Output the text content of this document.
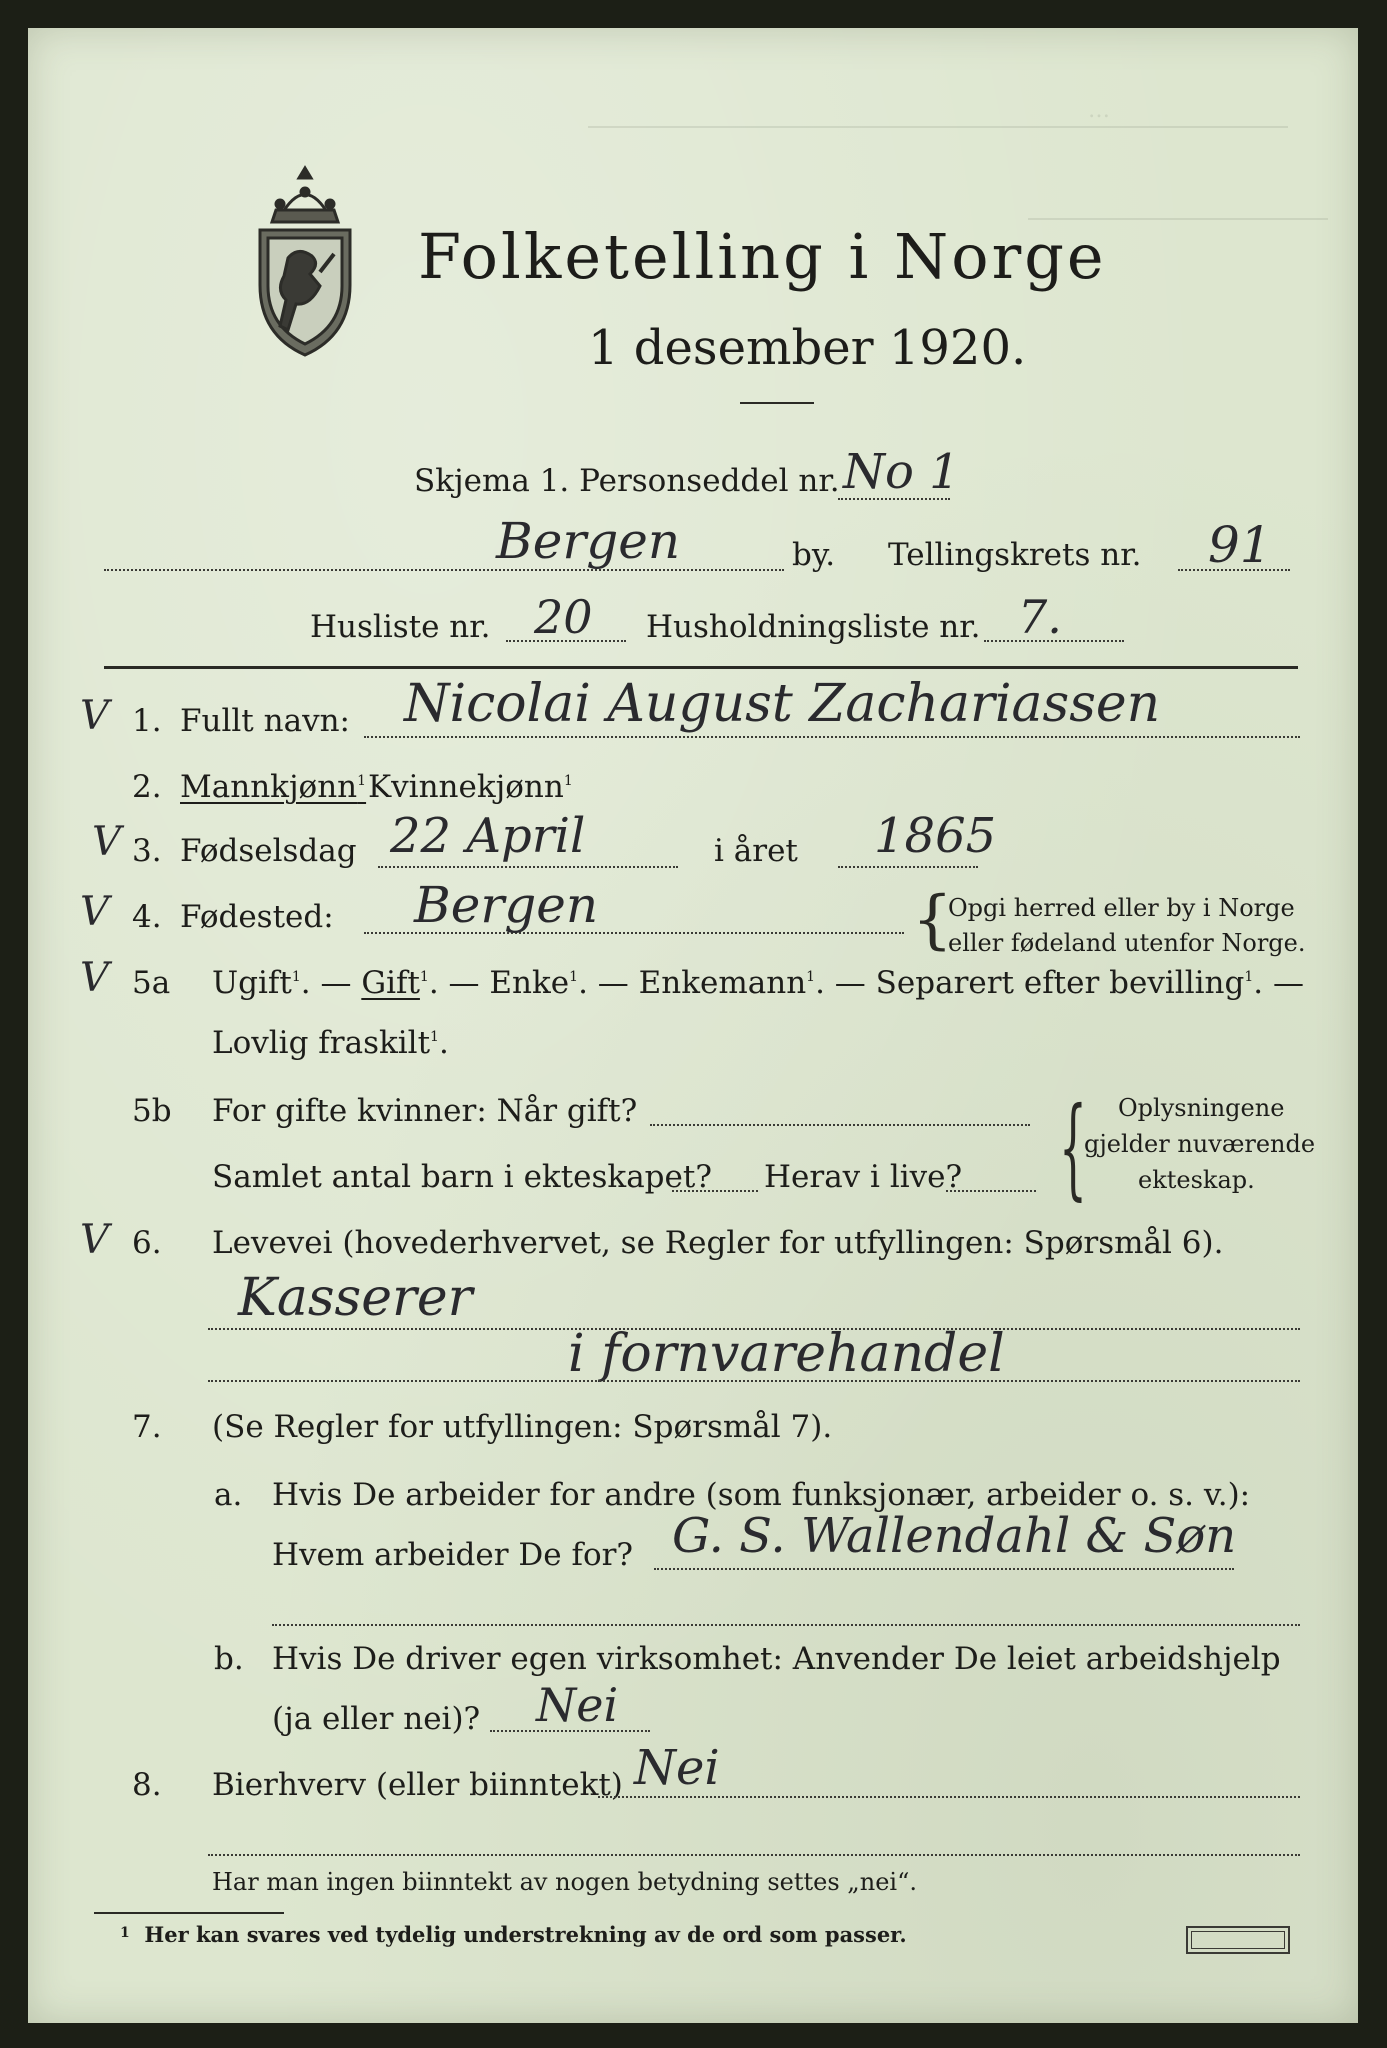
…
Folketelling i Norge
1 desember 1920.
Skjema 1. Personseddel nr. No 1
Bergen	by. Tellingskrets nr. 91
Husliste nr. 20 Husholdningsliste nr. 7.
V 1. Fullt navn: Nicolai August Zachariassen
2. Mannkjønn$^1$ Kvinnekjønn$^1$
V 3. Fødselsdag 22 April	i året 1865
V 4. Fødested: Bergen	{
Opgi herred eller by i Norge
eller fødeland utenfor Norge.
V 5a Ugift$^1$. — Gift$^1$. — Enke$^1$. — Enkemann$^1$. — Separert efter bevilling$^1$. —
Lovlig fraskilt$^1$.
5b For gifte kvinner: Når gift?
Samlet antal barn i ekteskapet? Herav i live? { Oplysningene
gjelder nuværende
ekteskap.
V 6. Levevei (hovederhvervet, se Regler for utfyllingen: Spørsmål 6).
Kasserer
i fornvarehandel
7. (Se Regler for utfyllingen: Spørsmål 7).
a. Hvis De arbeider for andre (som funksjonær, arbeider o. s. v.):
Hvem arbeider De for? G. S. Wallendahl & Søn
b. Hvis De driver egen virksomhet: Anvender De leiet arbeidshjelp
(ja eller nei)? Nei
8. Bierhverv (eller biinntekt) Nei
Har man ingen biinntekt av nogen betydning settes „nei“.
$^1$ Her kan svares ved tydelig understrekning av de ord som passer.
